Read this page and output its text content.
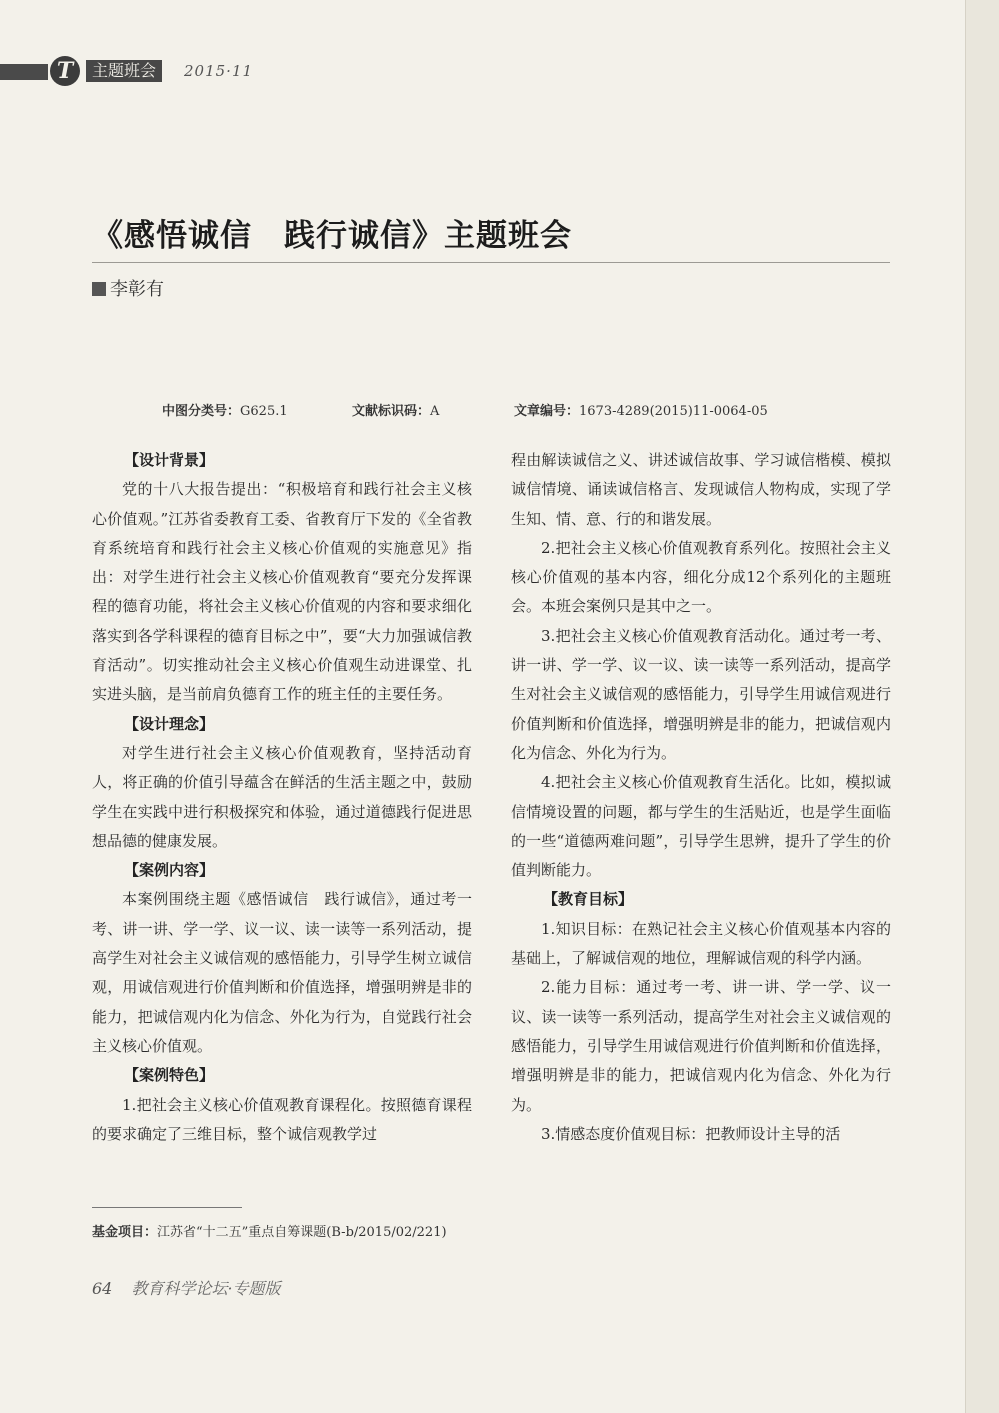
T	主题班会	2015·11
《感悟诚信　践行诚信》主题班会
李彰有
中图分类号：G625.1	文献标识码：A	文章编号：1673-4289(2015)11-0064-05
【设计背景】

党的十八大报告提出：“积极培育和践行社会主义核心价值观。”江苏省委教育工委、省教育厅下发的《全省教育系统培育和践行社会主义核心价值观的实施意见》指出：对学生进行社会主义核心价值观教育“要充分发挥课程的德育功能，将社会主义核心价值观的内容和要求细化落实到各学科课程的德育目标之中”，要“大力加强诚信教育活动”。切实推动社会主义核心价值观生动进课堂、扎实进头脑，是当前肩负德育工作的班主任的主要任务。

【设计理念】

对学生进行社会主义核心价值观教育，坚持活动育人，将正确的价值引导蕴含在鲜活的生活主题之中，鼓励学生在实践中进行积极探究和体验，通过道德践行促进思想品德的健康发展。

【案例内容】

本案例围绕主题《感悟诚信　践行诚信》，通过考一考、讲一讲、学一学、议一议、读一读等一系列活动，提高学生对社会主义诚信观的感悟能力，引导学生树立诚信观，用诚信观进行价值判断和价值选择，增强明辨是非的能力，把诚信观内化为信念、外化为行为，自觉践行社会主义核心价值观。

【案例特色】

1.把社会主义核心价值观教育课程化。按照德育课程的要求确定了三维目标，整个诚信观教学过

程由解读诚信之义、讲述诚信故事、学习诚信楷模、模拟诚信情境、诵读诚信格言、发现诚信人物构成，实现了学生知、情、意、行的和谐发展。

2.把社会主义核心价值观教育系列化。按照社会主义核心价值观的基本内容，细化分成12个系列化的主题班会。本班会案例只是其中之一。

3.把社会主义核心价值观教育活动化。通过考一考、讲一讲、学一学、议一议、读一读等一系列活动，提高学生对社会主义诚信观的感悟能力，引导学生用诚信观进行价值判断和价值选择，增强明辨是非的能力，把诚信观内化为信念、外化为行为。

4.把社会主义核心价值观教育生活化。比如，模拟诚信情境设置的问题，都与学生的生活贴近，也是学生面临的一些“道德两难问题”，引导学生思辨，提升了学生的价值判断能力。

【教育目标】

1.知识目标：在熟记社会主义核心价值观基本内容的基础上，了解诚信观的地位，理解诚信观的科学内涵。

2.能力目标：通过考一考、讲一讲、学一学、议一议、读一读等一系列活动，提高学生对社会主义诚信观的感悟能力，引导学生用诚信观进行价值判断和价值选择，增强明辨是非的能力，把诚信观内化为信念、外化为行为。

3.情感态度价值观目标：把教师设计主导的活

基金项目：江苏省“十二五”重点自筹课题(B-b/2015/02/221)
64 教育科学论坛·专题版
